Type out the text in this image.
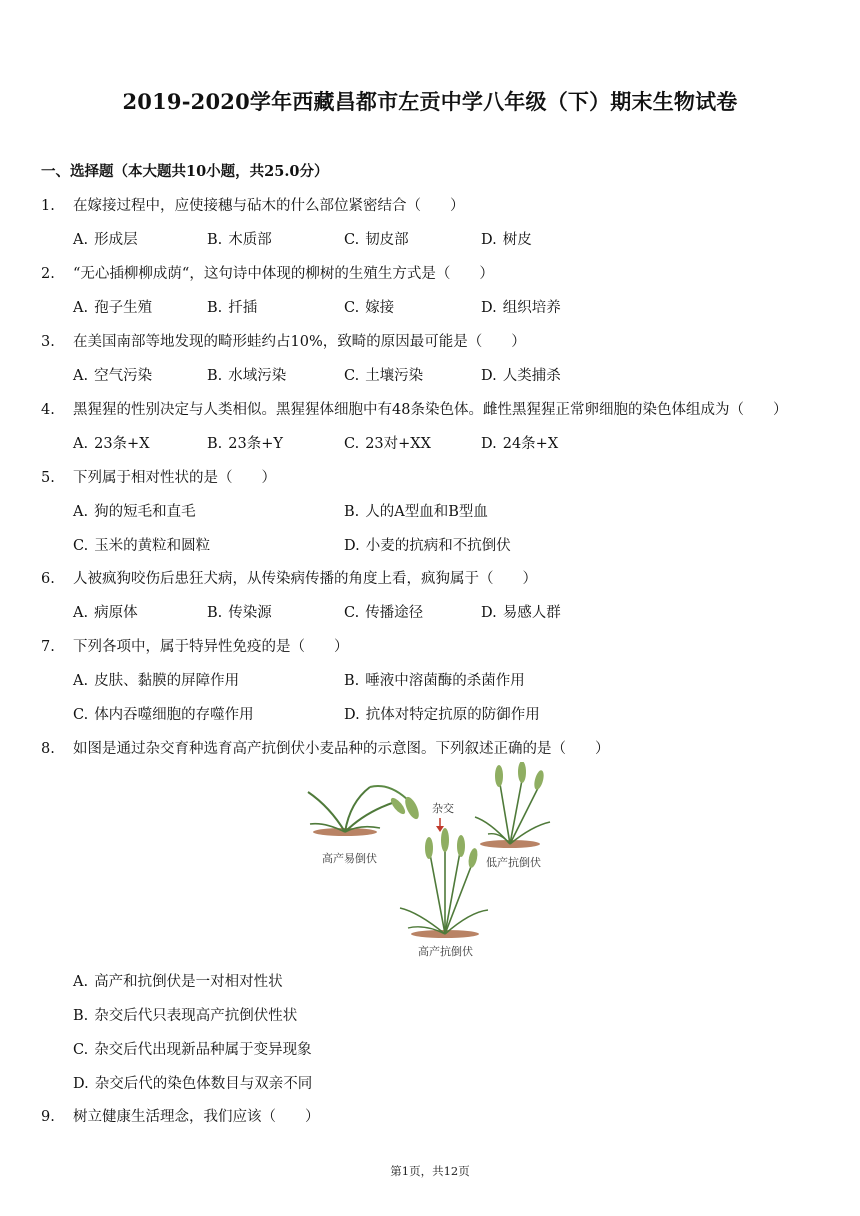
2019-2020学年西藏昌都市左贡中学八年级（下）期末生物试卷
一、选择题（本大题共10小题，共25.0分）
1. 在嫁接过程中，应使接穗与砧木的什么部位紧密结合（　　）
A. 形成层	B. 木质部	C. 韧皮部	D. 树皮
2. “无心插柳柳成荫“，这句诗中体现的柳树的生殖生方式是（　　）
A. 孢子生殖	B. 扦插	C. 嫁接	D. 组织培养
3. 在美国南部等地发现的畸形蛙约占10%，致畸的原因最可能是（　　）
A. 空气污染	B. 水域污染	C. 土壤污染	D. 人类捕杀
4. 黑猩猩的性别决定与人类相似。黑猩猩体细胞中有48条染色体。雌性黑猩猩正常卵细胞的染色体组成为（　　）
A. 23条+X	B. 23条+Y	C. 23对+XX	D. 24条+X
5. 下列属于相对性状的是（　　）
A. 狗的短毛和直毛	B. 人的A型血和B型血
C. 玉米的黄粒和圆粒	D. 小麦的抗病和不抗倒伏
6. 人被疯狗咬伤后患狂犬病，从传染病传播的角度上看，疯狗属于（　　）
A. 病原体	B. 传染源	C. 传播途径	D. 易感人群
7. 下列各项中，属于特异性免疫的是（　　）
A. 皮肤、黏膜的屏障作用	B. 唾液中溶菌酶的杀菌作用
C. 体内吞噬细胞的存噬作用	D. 抗体对特定抗原的防御作用
8. 如图是通过杂交育种选育高产抗倒伏小麦品种的示意图。下列叙述正确的是（　　）
高产易倒伏
杂交
低产抗倒伏
高产抗倒伏
A. 高产和抗倒伏是一对相对性状
B. 杂交后代只表现高产抗倒伏性状
C. 杂交后代出现新品种属于变异现象
D. 杂交后代的染色体数目与双亲不同
9. 树立健康生活理念，我们应该（　　）
第1页，共12页
